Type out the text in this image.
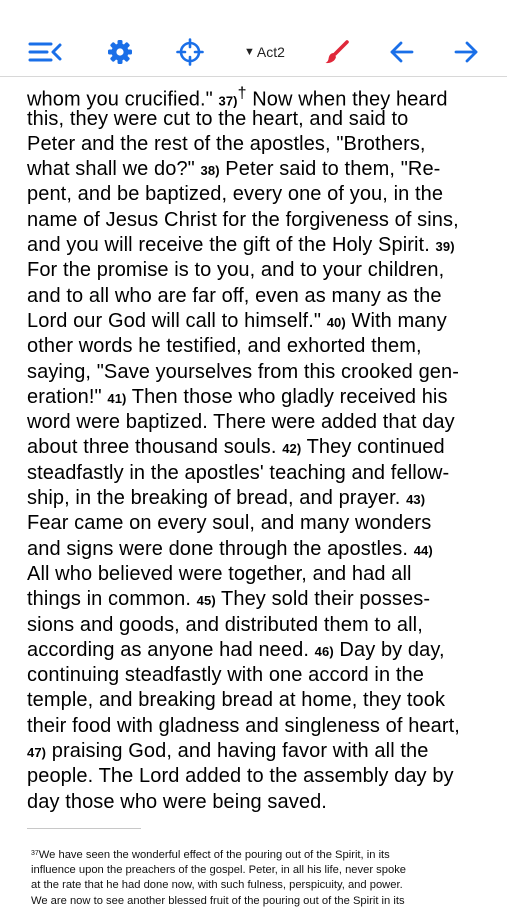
whom you crucified." 37)† Now when they heard
this, they were cut to the heart, and said to
Peter and the rest of the apostles, "Brothers,
what shall we do?" 38) Peter said to them, "Re-
pent, and be baptized, every one of you, in the
name of Jesus Christ for the forgiveness of sins,
and you will receive the gift of the Holy Spirit. 39)
For the promise is to you, and to your children,
and to all who are far off, even as many as the
Lord our God will call to himself." 40) With many
other words he testified, and exhorted them,
saying, "Save yourselves from this crooked gen-
eration!" 41) Then those who gladly received his
word were baptized. There were added that day
about three thousand souls. 42) They continued
steadfastly in the apostles' teaching and fellow-
ship, in the breaking of bread, and prayer. 43)
Fear came on every soul, and many wonders
and signs were done through the apostles. 44)
All who believed were together, and had all
things in common. 45) They sold their posses-
sions and goods, and distributed them to all,
according as anyone had need. 46) Day by day,
continuing steadfastly with one accord in the
temple, and breaking bread at home, they took
their food with gladness and singleness of heart,
47) praising God, and having favor with all the
people. The Lord added to the assembly day by
day those who were being saved.
▼ Act2
$^{37}$We have seen the wonderful effect of the pouring out of the Spirit, in its
influence upon the preachers of the gospel. Peter, in all his life, never spoke
at the rate that he had done now, with such fulness, perspicuity, and power.
We are now to see another blessed fruit of the pouring out of the Spirit in its
